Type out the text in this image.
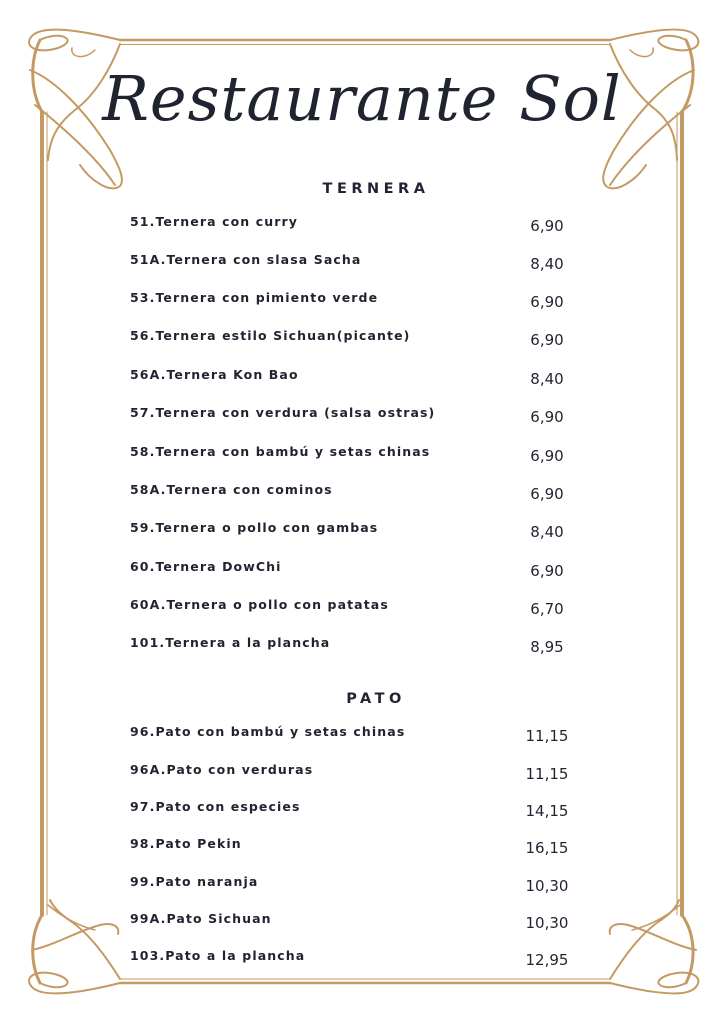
Restaurante Sol
TERNERA
51.Ternera con curry	6,90
51A.Ternera con slasa Sacha	8,40
53.Ternera con pimiento verde	6,90
56.Ternera estilo Sichuan(picante)	6,90
56A.Ternera Kon Bao	8,40
57.Ternera con verdura (salsa ostras)	6,90
58.Ternera con bambú y setas chinas	6,90
58A.Ternera con cominos	6,90
59.Ternera o pollo con gambas	8,40
60.Ternera DowChi	6,90
60A.Ternera o pollo con patatas	6,70
101.Ternera a la plancha	8,95
PATO
96.Pato con bambú y setas chinas	11,15
96A.Pato con verduras	11,15
97.Pato con especies	14,15
98.Pato Pekin	16,15
99.Pato naranja	10,30
99A.Pato Sichuan	10,30
103.Pato a la plancha	12,95
